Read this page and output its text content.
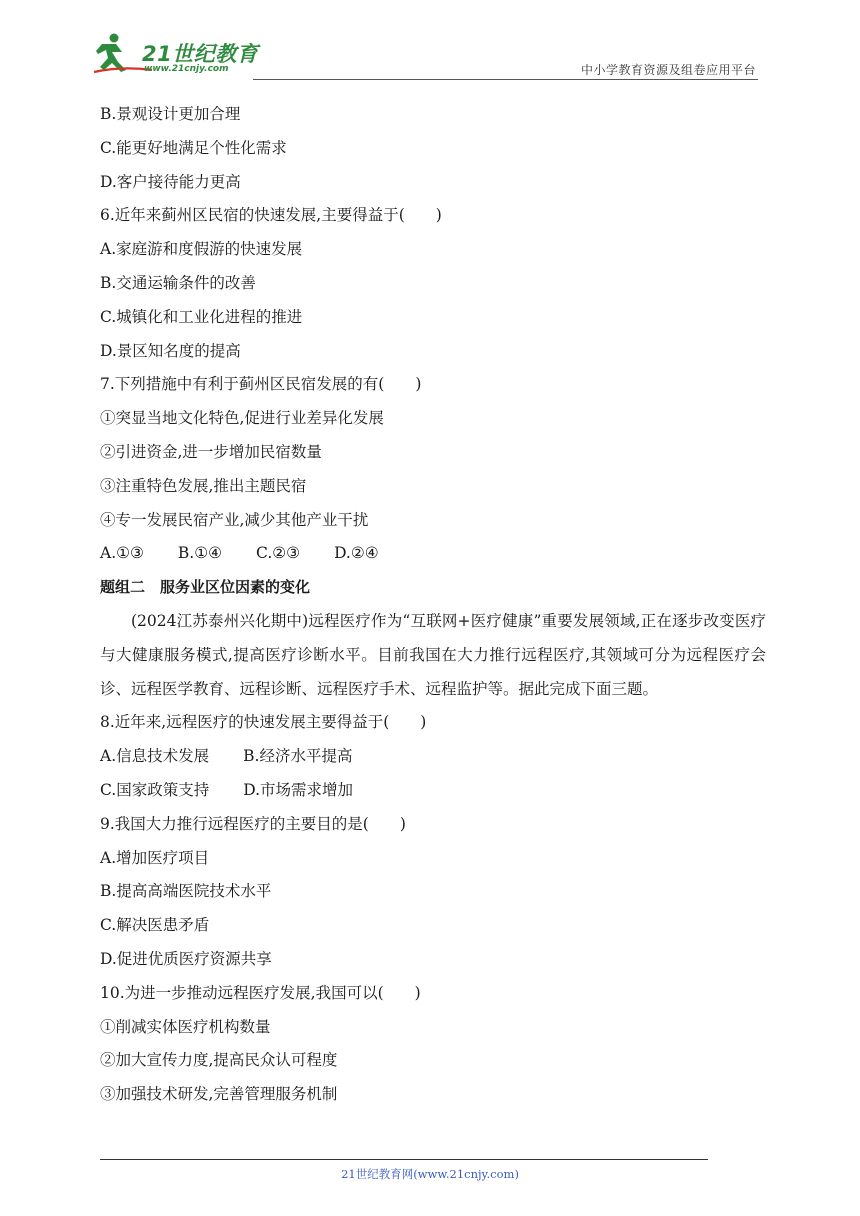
21世纪教育
www.21cnjy.com	中小学教育资源及组卷应用平台
B.景观设计更加合理
C.能更好地满足个性化需求
D.客户接待能力更高
6.近年来蓟州区民宿的快速发展,主要得益于(　　)
A.家庭游和度假游的快速发展
B.交通运输条件的改善
C.城镇化和工业化进程的推进
D.景区知名度的提高
7.下列措施中有利于蓟州区民宿发展的有(　　)
①突显当地文化特色,促进行业差异化发展
②引进资金,进一步增加民宿数量
③注重特色发展,推出主题民宿
④专一发展民宿产业,减少其他产业干扰
A.①③ B.①④ C.②③ D.②④
题组二　服务业区位因素的变化
(2024江苏泰州兴化期中)远程医疗作为“互联网+医疗健康”重要发展领域,正在逐步改变医疗与大健康服务模式,提高医疗诊断水平。目前我国在大力推行远程医疗,其领域可分为远程医疗会诊、远程医学教育、远程诊断、远程医疗手术、远程监护等。据此完成下面三题。
8.近年来,远程医疗的快速发展主要得益于(　　)
A.信息技术发展 B.经济水平提高
C.国家政策支持 D.市场需求增加
9.我国大力推行远程医疗的主要目的是(　　)
A.增加医疗项目
B.提高高端医院技术水平
C.解决医患矛盾
D.促进优质医疗资源共享
10.为进一步推动远程医疗发展,我国可以(　　)
①削减实体医疗机构数量
②加大宣传力度,提高民众认可程度
③加强技术研发,完善管理服务机制
21世纪教育网(www.21cnjy.com)
